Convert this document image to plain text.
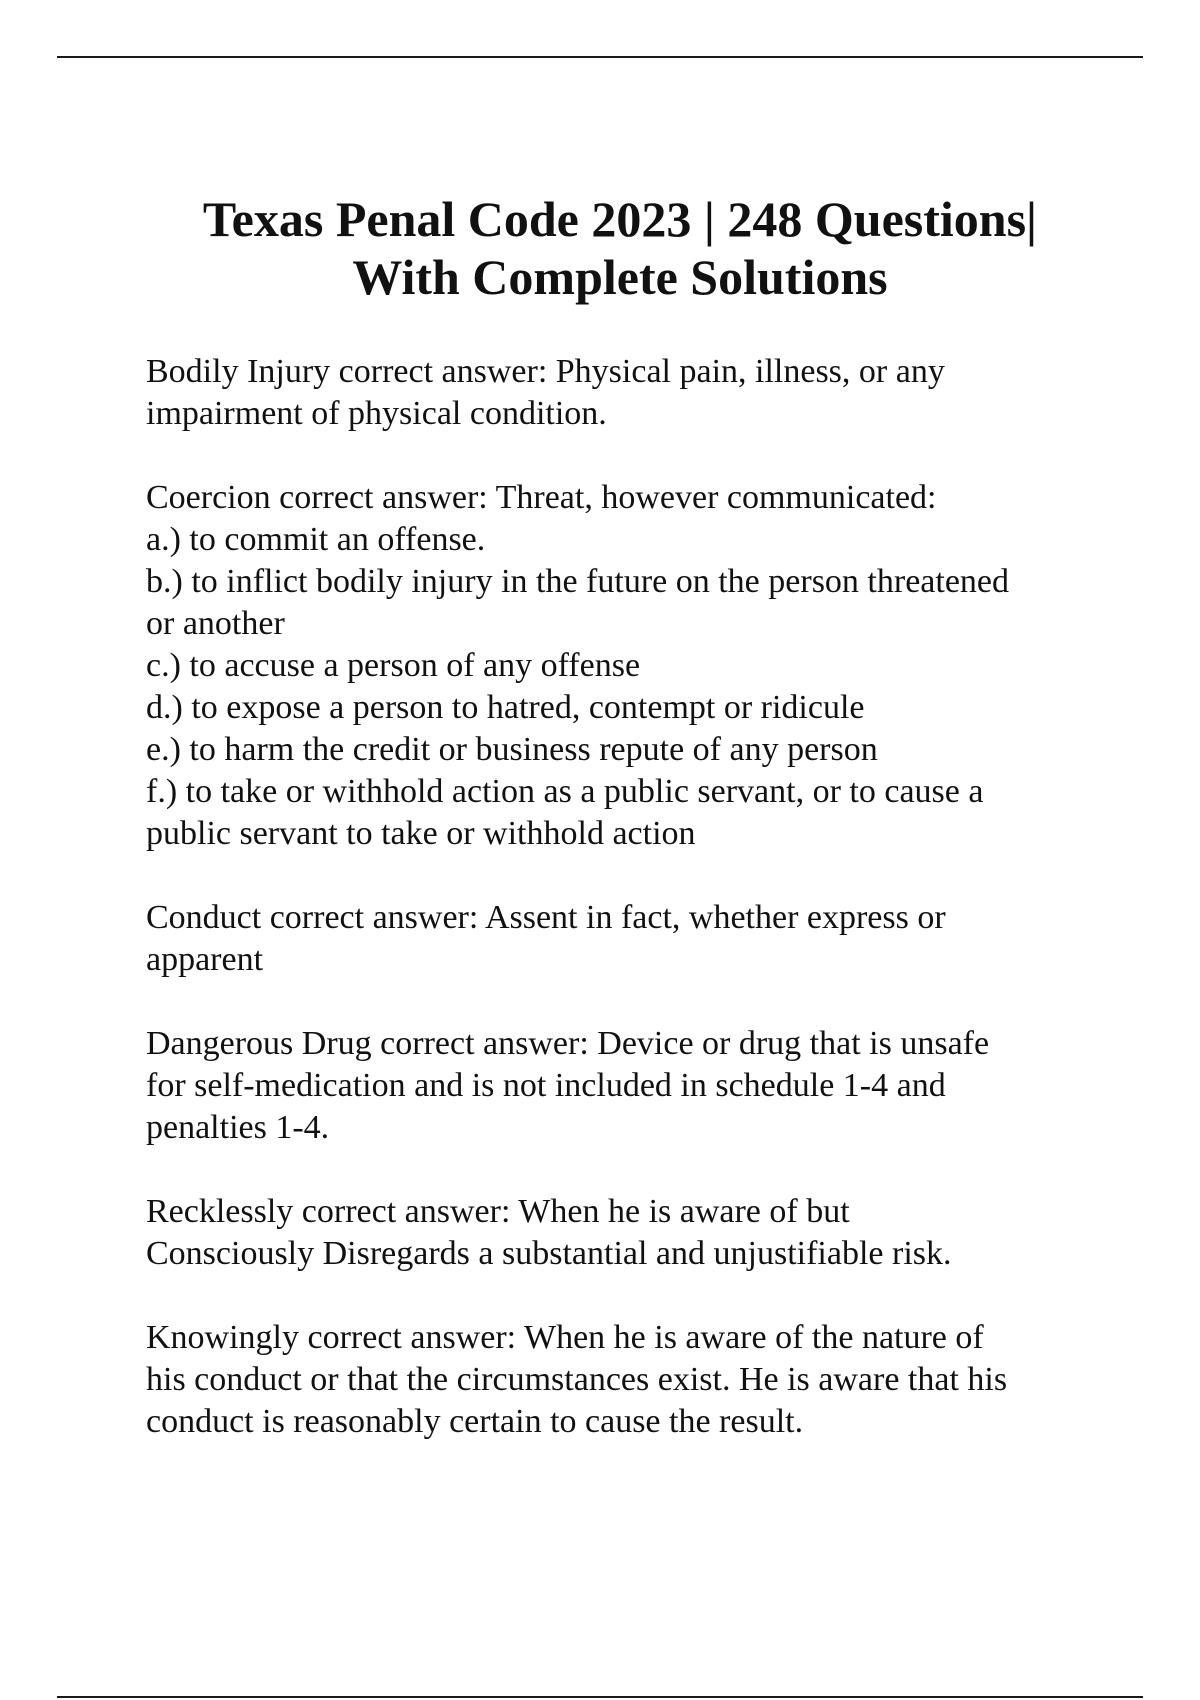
Texas Penal Code 2023 | 248 Questions|
With Complete Solutions

Bodily Injury correct answer: Physical pain, illness, or any
impairment of physical condition.

Coercion correct answer: Threat, however communicated:
a.) to commit an offense.
b.) to inflict bodily injury in the future on the person threatened
or another
c.) to accuse a person of any offense
d.) to expose a person to hatred, contempt or ridicule
e.) to harm the credit or business repute of any person
f.) to take or withhold action as a public servant, or to cause a
public servant to take or withhold action

Conduct correct answer: Assent in fact, whether express or
apparent

Dangerous Drug correct answer: Device or drug that is unsafe
for self-medication and is not included in schedule 1-4 and
penalties 1-4.

Recklessly correct answer: When he is aware of but
Consciously Disregards a substantial and unjustifiable risk.

Knowingly correct answer: When he is aware of the nature of
his conduct or that the circumstances exist. He is aware that his
conduct is reasonably certain to cause the result.
